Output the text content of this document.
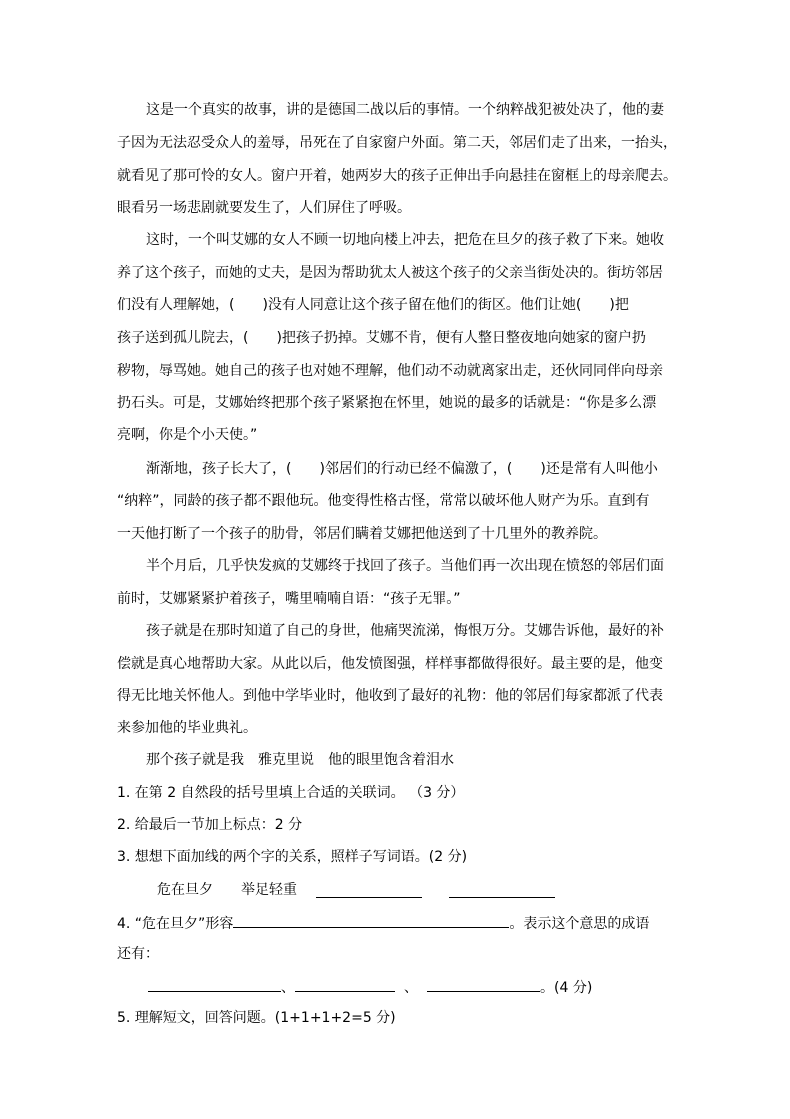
这是一个真实的故事，讲的是德国二战以后的事情。一个纳粹战犯被处决了，他的妻

子因为无法忍受众人的羞辱，吊死在了自家窗户外面。第二天，邻居们走了出来，一抬头，

就看见了那可怜的女人。窗户开着，她两岁大的孩子正伸出手向悬挂在窗框上的母亲爬去。

眼看另一场悲剧就要发生了，人们屏住了呼吸。

这时，一个叫艾娜的女人不顾一切地向楼上冲去，把危在旦夕的孩子救了下来。她收

养了这个孩子，而她的丈夫，是因为帮助犹太人被这个孩子的父亲当街处决的。街坊邻居

们没有人理解她，(　　)没有人同意让这个孩子留在他们的街区。他们让她(　　)把

孩子送到孤儿院去，(　　)把孩子扔掉。艾娜不肯，便有人整日整夜地向她家的窗户扔

秽物，辱骂她。她自己的孩子也对她不理解，他们动不动就离家出走，还伙同同伴向母亲

扔石头。可是，艾娜始终把那个孩子紧紧抱在怀里，她说的最多的话就是：“你是多么漂

亮啊，你是个小天使。”

渐渐地，孩子长大了，(　　)邻居们的行动已经不偏激了，(　　)还是常有人叫他小

“纳粹”，同龄的孩子都不跟他玩。他变得性格古怪，常常以破坏他人财产为乐。直到有

一天他打断了一个孩子的肋骨，邻居们瞒着艾娜把他送到了十几里外的教养院。

半个月后，几乎快发疯的艾娜终于找回了孩子。当他们再一次出现在愤怒的邻居们面

前时，艾娜紧紧护着孩子，嘴里喃喃自语：“孩子无罪。”

孩子就是在那时知道了自己的身世，他痛哭流涕，悔恨万分。艾娜告诉他，最好的补

偿就是真心地帮助大家。从此以后，他发愤图强，样样事都做得很好。最主要的是，他变

得无比地关怀他人。到他中学毕业时，他收到了最好的礼物：他的邻居们每家都派了代表

来参加他的毕业典礼。

那个孩子就是我　雅克里说　他的眼里饱含着泪水

1. 在第 2 自然段的括号里填上合适的关联词。 （3 分）

2. 给最后一节加上标点：2 分

3. 想想下面加线的两个字的关系，照样子写词语。(2 分)

危在旦夕　　举足轻重

4. “危在旦夕”形容	。表示这个意思的成语

还有：

、	、	。(4 分)

5. 理解短文，回答问题。(1+1+1+2=5 分)
